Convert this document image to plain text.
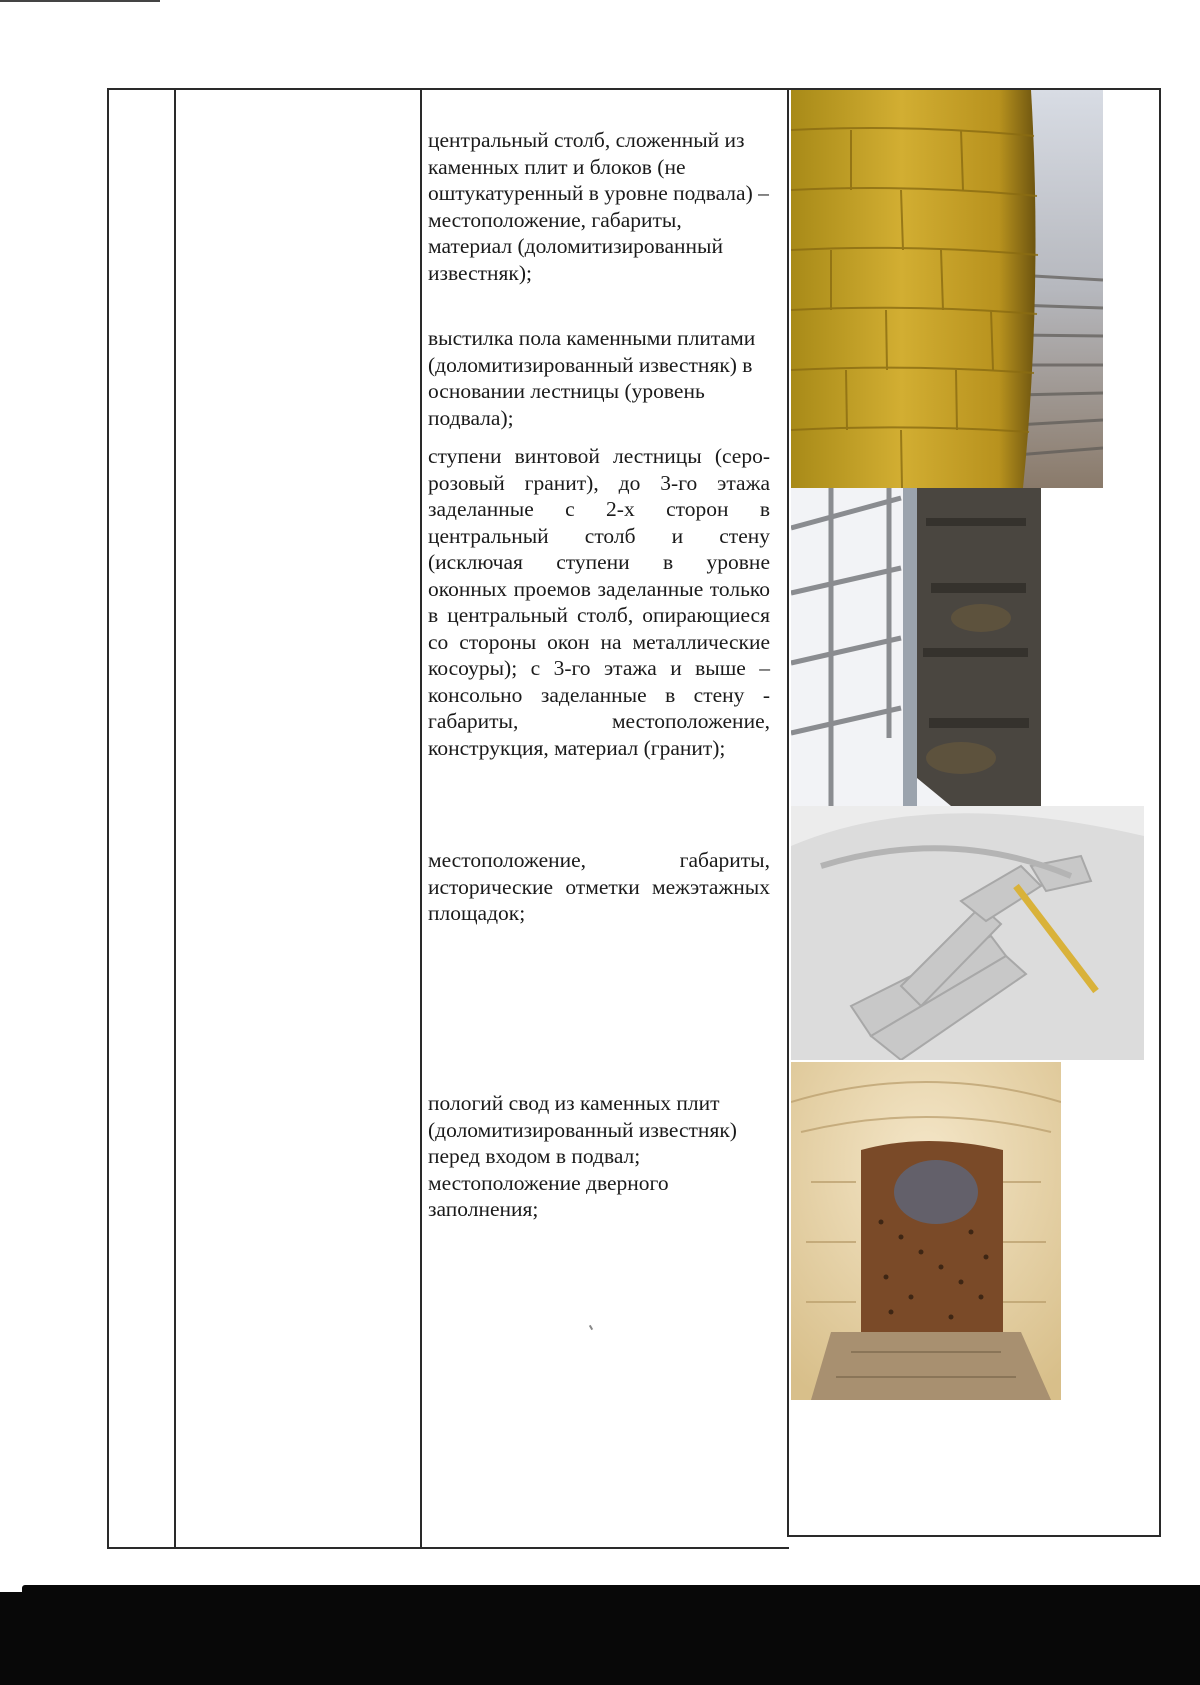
центральный столб, сложенный из каменных плит и блоков (не оштукатуренный в уровне подвала) – местоположение, габариты, материал (доломитизированный известняк);

выстилка пола каменными плитами (доломитизированный известняк) в основании лестницы (уровень подвала);

ступени винтовой лестницы (серо-розовый гранит), до 3-го этажа заделанные с 2-х сторон в центральный столб и стену (исключая ступени в уровне оконных проемов заделанные только в центральный столб, опирающиеся со стороны окон на металлические косоуры); с 3-го этажа и выше – консольно заделанные в стену - габариты, местоположение, конструкция, материал (гранит);

местоположение, габариты, исторические отметки межэтажных площадок;

пологий свод из каменных плит (доломитизированный известняк) перед входом в подвал; местоположение дверного заполнения;
